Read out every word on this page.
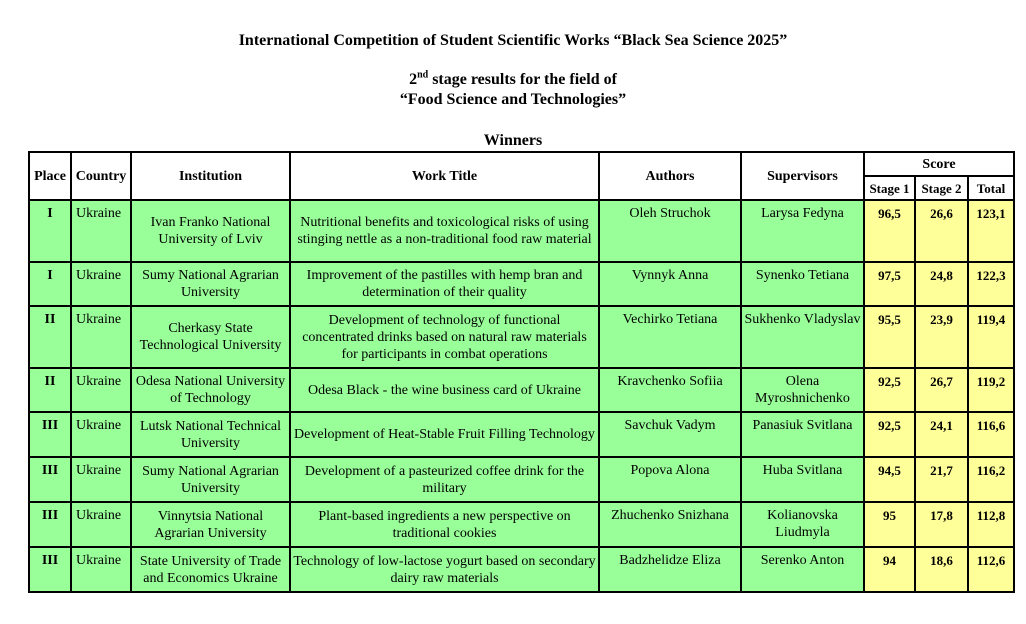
International Competition of Student Scientific Works “Black Sea Science 2025”
2nd stage results for the field of
“Food Science and Technologies”
Winners
Place	Country	Institution	Work Title	Authors	Supervisors	Score		
						Stage 1	Stage 2	Total
I	Ukraine	Ivan Franko National University of Lviv	Nutritional benefits and toxicological risks of using stinging nettle as a non-traditional food raw material	Oleh Struchok	Larysa Fedyna	96,5	26,6	123,1
I	Ukraine	Sumy National Agrarian University	Improvement of the pastilles with hemp bran and determination of their quality	Vynnyk Anna	Synenko Tetiana	97,5	24,8	122,3
II	Ukraine	Cherkasy State Technological University	Development of technology of functional concentrated drinks based on natural raw materials for participants in combat operations	Vechirko Tetiana	Sukhenko Vladyslav	95,5	23,9	119,4
II	Ukraine	Odesa National University of Technology	Odesa Black - the wine business card of Ukraine	Kravchenko Sofiia	Olena Myroshnichenko	92,5	26,7	119,2
III	Ukraine	Lutsk National Technical University	Development of Heat-Stable Fruit Filling Technology	Savchuk Vadym	Panasiuk Svitlana	92,5	24,1	116,6
III	Ukraine	Sumy National Agrarian University	Development of a pasteurized coffee drink for the military	Popova Alona	Huba Svitlana	94,5	21,7	116,2
III	Ukraine	Vinnytsia National Agrarian University	Plant-based ingredients a new perspective on traditional cookies	Zhuchenko Snizhana	Kolianovska Liudmyla	95	17,8	112,8
III	Ukraine	State University of Trade and Economics Ukraine	Technology of low-lactose yogurt based on secondary dairy raw materials	Badzhelidze Eliza	Serenko Anton	94	18,6	112,6
